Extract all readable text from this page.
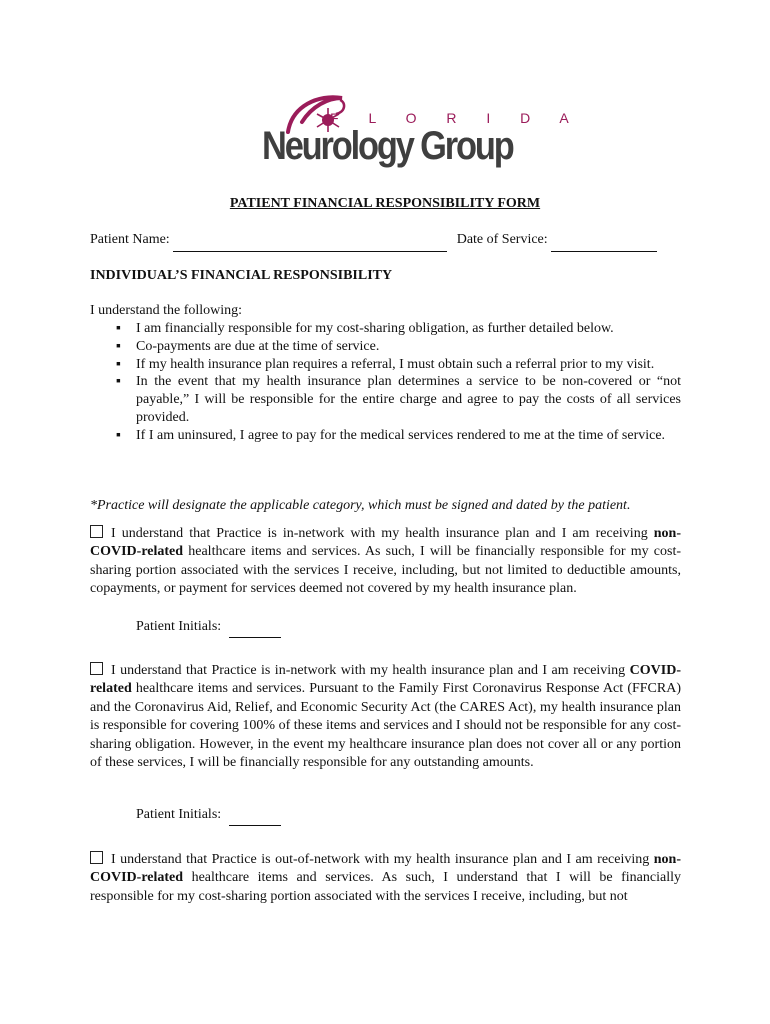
F L O R I D A
Neurology Group
PATIENT FINANCIAL RESPONSIBILITY FORM
Patient Name:	Date of Service:
INDIVIDUAL’S FINANCIAL RESPONSIBILITY
I understand the following:
▪ I am financially responsible for my cost-sharing obligation, as further detailed below.
▪ Co-payments are due at the time of service.
▪ If my health insurance plan requires a referral, I must obtain such a referral prior to my visit.
▪ In the event that my health insurance plan determines a service to be non-covered or “not payable,” I will be responsible for the entire charge and agree to pay the costs of all services provided.
▪ If I am uninsured, I agree to pay for the medical services rendered to me at the time of service.
*Practice will designate the applicable category, which must be signed and dated by the patient.
I understand that Practice is in-network with my health insurance plan and I am receiving non-COVID-related healthcare items and services. As such, I will be financially responsible for my cost-sharing portion associated with the services I receive, including, but not limited to deductible amounts, copayments, or payment for services deemed not covered by my health insurance plan.
Patient Initials:
I understand that Practice is in-network with my health insurance plan and I am receiving COVID-related healthcare items and services. Pursuant to the Family First Coronavirus Response Act (FFCRA) and the Coronavirus Aid, Relief, and Economic Security Act (the CARES Act), my health insurance plan is responsible for covering 100% of these items and services and I should not be responsible for any cost-sharing obligation. However, in the event my healthcare insurance plan does not cover all or any portion of these services, I will be financially responsible for any outstanding amounts.
Patient Initials:
I understand that Practice is out-of-network with my health insurance plan and I am receiving non-COVID-related healthcare items and services. As such, I understand that I will be financially responsible for my cost-sharing portion associated with the services I receive, including, but not
